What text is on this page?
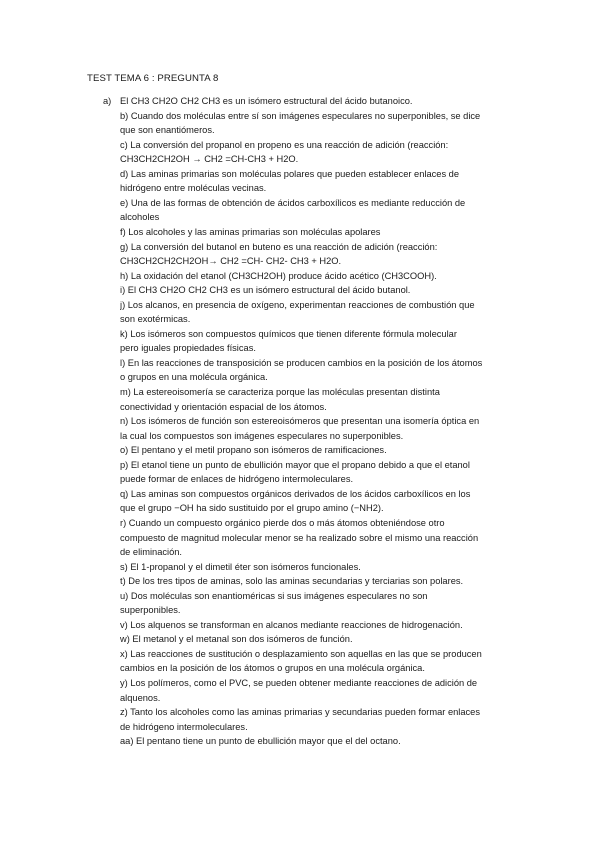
TEST TEMA 6 : PREGUNTA 8
a) El CH3 CH2O CH2 CH3 es un isómero estructural del ácido butanoico.
b) Cuando dos moléculas entre sí son imágenes especulares no superponibles, se dice
que son enantiómeros.
c) La conversión del propanol en propeno es una reacción de adición (reacción:
CH3CH2CH2OH → CH2 =CH-CH3 + H2O.
d) Las aminas primarias son moléculas polares que pueden establecer enlaces de
hidrógeno entre moléculas vecinas.
e) Una de las formas de obtención de ácidos carboxílicos es mediante reducción de
alcoholes
f) Los alcoholes y las aminas primarias son moléculas apolares
g) La conversión del butanol en buteno es una reacción de adición (reacción:
CH3CH2CH2CH2OH→ CH2 =CH- CH2- CH3 + H2O.
h) La oxidación del etanol (CH3CH2OH) produce ácido acético (CH3COOH).
i) El CH3 CH2O CH2 CH3 es un isómero estructural del ácido butanol.
j) Los alcanos, en presencia de oxígeno, experimentan reacciones de combustión que
son exotérmicas.
k) Los isómeros son compuestos químicos que tienen diferente fórmula molecular
pero iguales propiedades físicas.
l) En las reacciones de transposición se producen cambios en la posición de los átomos
o grupos en una molécula orgánica.
m) La estereoisomería se caracteriza porque las moléculas presentan distinta
conectividad y orientación espacial de los átomos.
n) Los isómeros de función son estereoisómeros que presentan una isomería óptica en
la cual los compuestos son imágenes especulares no superponibles.
o) El pentano y el metil propano son isómeros de ramificaciones.
p) El etanol tiene un punto de ebullición mayor que el propano debido a que el etanol
puede formar de enlaces de hidrógeno intermoleculares.
q) Las aminas son compuestos orgánicos derivados de los ácidos carboxílicos en los
que el grupo −OH ha sido sustituido por el grupo amino (−NH2).
r) Cuando un compuesto orgánico pierde dos o más átomos obteniéndose otro
compuesto de magnitud molecular menor se ha realizado sobre el mismo una reacción
de eliminación.
s) El 1-propanol y el dimetil éter son isómeros funcionales.
t) De los tres tipos de aminas, solo las aminas secundarias y terciarias son polares.
u) Dos moléculas son enantioméricas si sus imágenes especulares no son
superponibles.
v) Los alquenos se transforman en alcanos mediante reacciones de hidrogenación.
w) El metanol y el metanal son dos isómeros de función.
x) Las reacciones de sustitución o desplazamiento son aquellas en las que se producen
cambios en la posición de los átomos o grupos en una molécula orgánica.
y) Los polímeros, como el PVC, se pueden obtener mediante reacciones de adición de
alquenos.
z) Tanto los alcoholes como las aminas primarias y secundarias pueden formar enlaces
de hidrógeno intermoleculares.
aa) El pentano tiene un punto de ebullición mayor que el del octano.
